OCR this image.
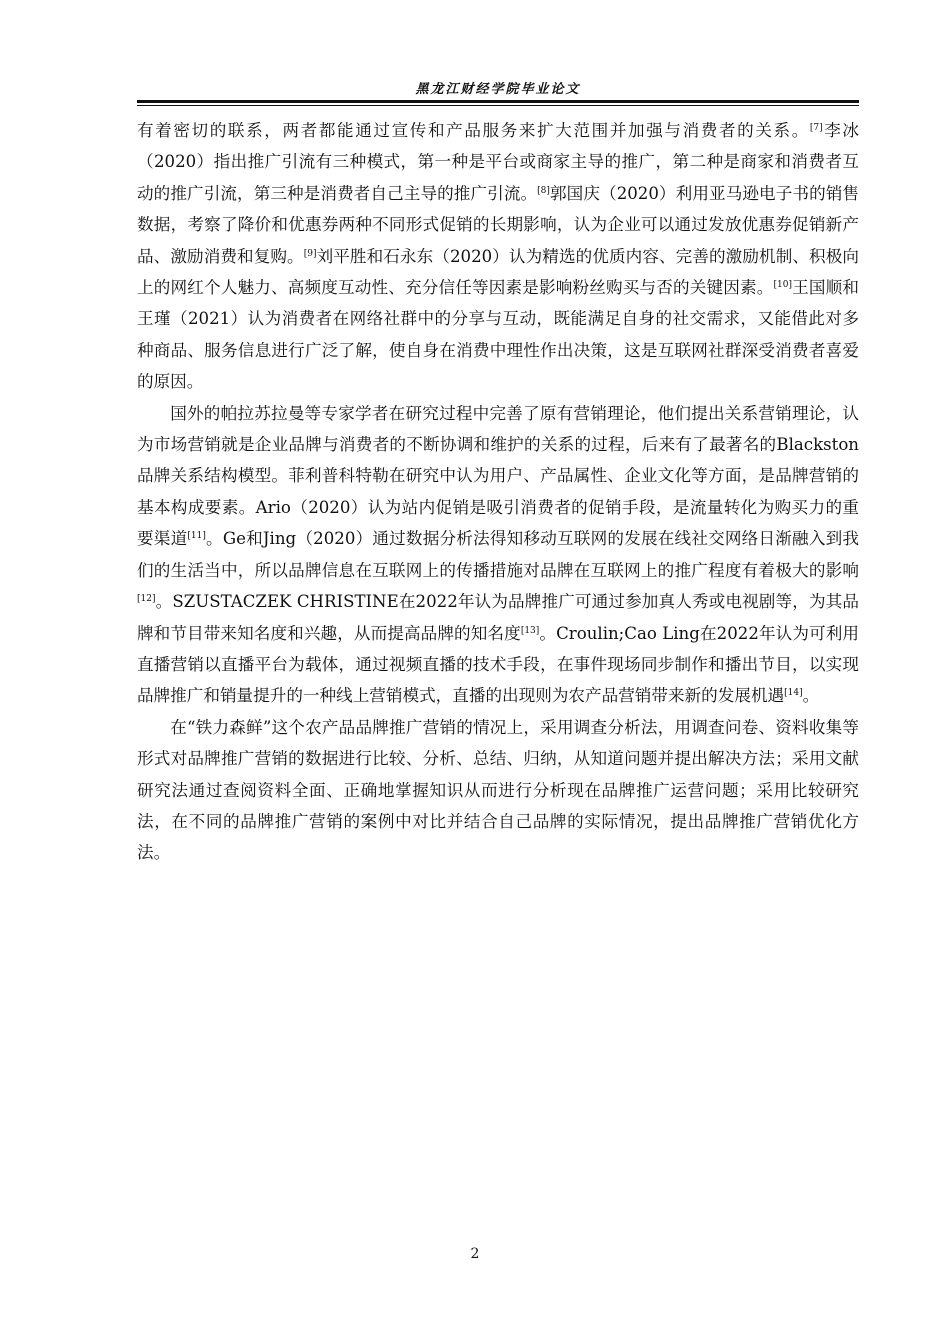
黑龙江财经学院毕业论文

有着密切的联系，两者都能通过宣传和产品服务来扩大范围并加强与消费者的关系。[7]李冰（2020）指出推广引流有三种模式，第一种是平台或商家主导的推广，第二种是商家和消费者互动的推广引流，第三种是消费者自己主导的推广引流。[8]郭国庆（2020）利用亚马逊电子书的销售数据，考察了降价和优惠券两种不同形式促销的长期影响，认为企业可以通过发放优惠券促销新产品、激励消费和复购。[9]刘平胜和石永东（2020）认为精选的优质内容、完善的激励机制、积极向上的网红个人魅力、高频度互动性、充分信任等因素是影响粉丝购买与否的关键因素。[10]王国顺和王瑾（2021）认为消费者在网络社群中的分享与互动，既能满足自身的社交需求，又能借此对多种商品、服务信息进行广泛了解，使自身在消费中理性作出决策，这是互联网社群深受消费者喜爱的原因。

国外的帕拉苏拉曼等专家学者在研究过程中完善了原有营销理论，他们提出关系营销理论，认为市场营销就是企业品牌与消费者的不断协调和维护的关系的过程，后来有了最著名的Blackston品牌关系结构模型。菲利普科特勒在研究中认为用户、产品属性、企业文化等方面，是品牌营销的基本构成要素。Ario（2020）认为站内促销是吸引消费者的促销手段，是流量转化为购买力的重要渠道[11]。Ge和Jing（2020）通过数据分析法得知移动互联网的发展在线社交网络日渐融入到我们的生活当中，所以品牌信息在互联网上的传播措施对品牌在互联网上的推广程度有着极大的影响[12]。SZUSTACZEK CHRISTINE在2022年认为品牌推广可通过参加真人秀或电视剧等，为其品牌和节目带来知名度和兴趣，从而提高品牌的知名度[13]。Croulin;Cao Ling在2022年认为可利用直播营销以直播平台为载体，通过视频直播的技术手段，在事件现场同步制作和播出节目，以实现品牌推广和销量提升的一种线上营销模式，直播的出现则为农产品营销带来新的发展机遇[14]。

在“铁力森鲜”这个农产品品牌推广营销的情况上，采用调查分析法，用调查问卷、资料收集等形式对品牌推广营销的数据进行比较、分析、总结、归纳，从知道问题并提出解决方法；采用文献研究法通过查阅资料全面、正确地掌握知识从而进行分析现在品牌推广运营问题；采用比较研究法，在不同的品牌推广营销的案例中对比并结合自己品牌的实际情况，提出品牌推广营销优化方法。

2
